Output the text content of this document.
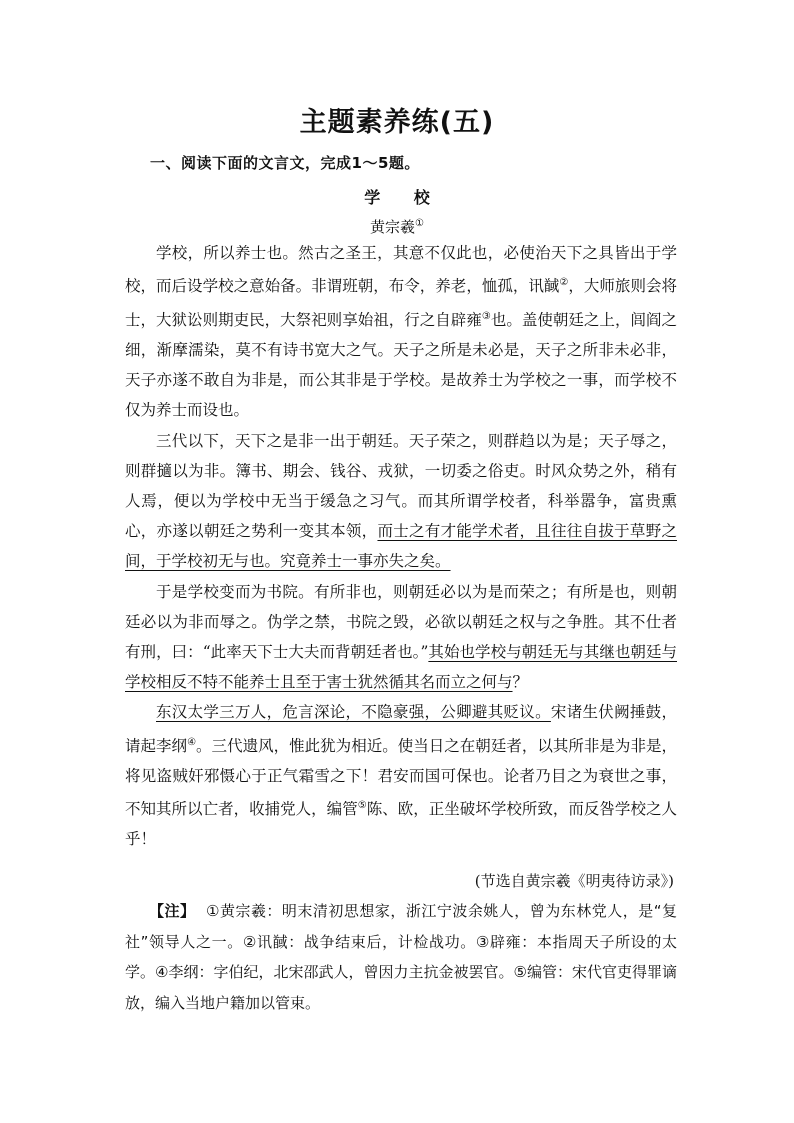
主题素养练(五)
一、阅读下面的文言文，完成1～5题。
学 校
黄宗羲①

学校，所以养士也。然古之圣王，其意不仅此也，必使治天下之具皆出于学校，而后设学校之意始备。非谓班朝，布令，养老，恤孤，讯馘②，大师旅则会将士，大狱讼则期吏民，大祭祀则享始祖，行之自辟雍③也。盖使朝廷之上，闾阎之细，渐摩濡染，莫不有诗书宽大之气。天子之所是未必是，天子之所非未必非，天子亦遂不敢自为非是，而公其非是于学校。是故养士为学校之一事，而学校不仅为养士而设也。

三代以下，天下之是非一出于朝廷。天子荣之，则群趋以为是；天子辱之，则群擿以为非。簿书、期会、钱谷、戎狱，一切委之俗吏。时风众势之外，稍有人焉，便以为学校中无当于缓急之习气。而其所谓学校者，科举嚣争，富贵熏心，亦遂以朝廷之势利一变其本领，而士之有才能学术者，且往往自拔于草野之间，于学校初无与也。究竟养士一事亦失之矣。

于是学校变而为书院。有所非也，则朝廷必以为是而荣之；有所是也，则朝廷必以为非而辱之。伪学之禁，书院之毁，必欲以朝廷之权与之争胜。其不仕者有刑，曰：“此率天下士大夫而背朝廷者也。”其始也学校与朝廷无与其继也朝廷与学校相反不特不能养士且至于害士犹然循其名而立之何与？

东汉太学三万人，危言深论，不隐豪强，公卿避其贬议。宋诸生伏阙捶鼓，请起李纲④。三代遗风，惟此犹为相近。使当日之在朝廷者，以其所非是为非是，将见盗贼奸邪慑心于正气霜雪之下！君安而国可保也。论者乃目之为衰世之事，不知其所以亡者，收捕党人，编管⑤陈、欧，正坐破坏学校所致，而反咎学校之人乎！

(节选自黄宗羲《明夷待访录》)

【注】 ①黄宗羲：明末清初思想家，浙江宁波余姚人，曾为东林党人，是“复社”领导人之一。②讯馘：战争结束后，计检战功。③辟雍：本指周天子所设的太学。④李纲：字伯纪，北宋邵武人，曾因力主抗金被罢官。⑤编管：宋代官吏得罪谪放，编入当地户籍加以管束。
